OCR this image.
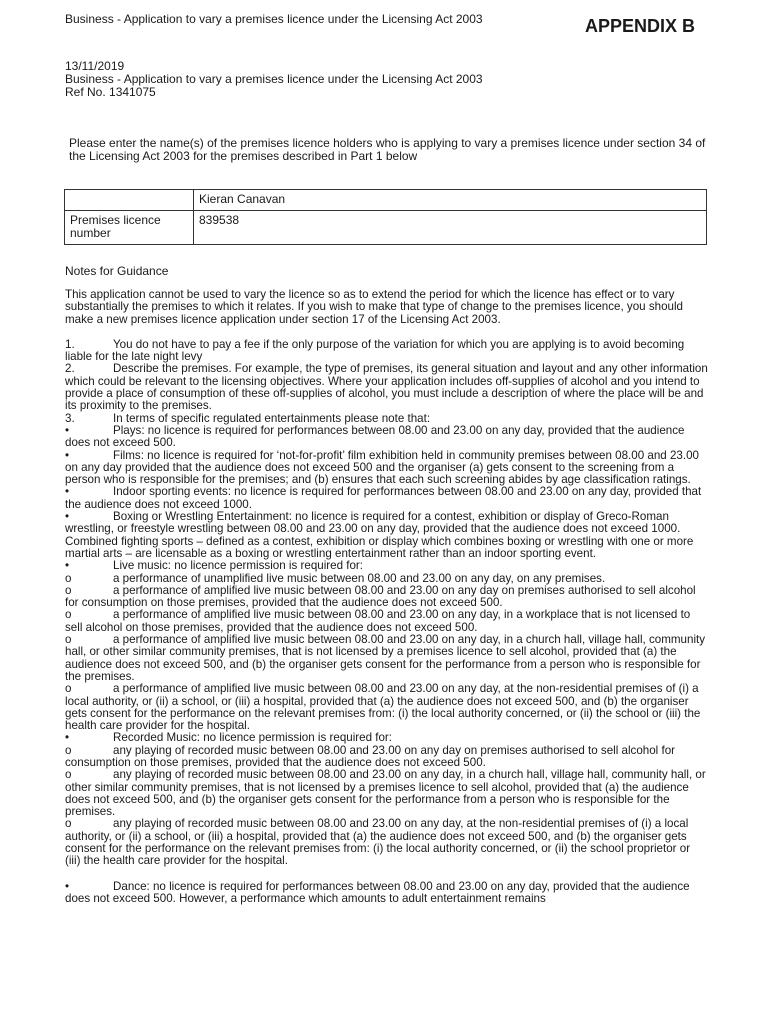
Business - Application to vary a premises licence under the Licensing Act 2003	APPENDIX B
13/11/2019
Business - Application to vary a premises licence under the Licensing Act 2003
Ref No. 1341075
Please enter the name(s) of the premises licence holders who is applying to vary a premises licence under section 34 of the Licensing Act 2003 for the premises described in Part 1 below
	Kieran Canavan
Premises licence number	839538
Notes for Guidance

This application cannot be used to vary the licence so as to extend the period for which the licence has effect or to vary substantially the premises to which it relates. If you wish to make that type of change to the premises licence, you should make a new premises licence application under section 17 of the Licensing Act 2003.

1.	You do not have to pay a fee if the only purpose of the variation for which you are applying is to avoid becoming liable for the late night levy

2.	Describe the premises. For example, the type of premises, its general situation and layout and any other information which could be relevant to the licensing objectives. Where your application includes off-supplies of alcohol and you intend to provide a place of consumption of these off-supplies of alcohol, you must include a description of where the place will be and its proximity to the premises.

3.	In terms of specific regulated entertainments please note that:

•	Plays: no licence is required for performances between 08.00 and 23.00 on any day, provided that the audience does not exceed 500.

•	Films: no licence is required for ‘not-for-profit’ film exhibition held in community premises between 08.00 and 23.00 on any day provided that the audience does not exceed 500 and the organiser (a) gets consent to the screening from a person who is responsible for the premises; and (b) ensures that each such screening abides by age classification ratings.

•	Indoor sporting events: no licence is required for performances between 08.00 and 23.00 on any day, provided that the audience does not exceed 1000.

•	Boxing or Wrestling Entertainment: no licence is required for a contest, exhibition or display of Greco-Roman wrestling, or freestyle wrestling between 08.00 and 23.00 on any day, provided that the audience does not exceed 1000. Combined fighting sports – defined as a contest, exhibition or display which combines boxing or wrestling with one or more martial arts – are licensable as a boxing or wrestling entertainment rather than an indoor sporting event.

•	Live music: no licence permission is required for:

o	a performance of unamplified live music between 08.00 and 23.00 on any day, on any premises.

o	a performance of amplified live music between 08.00 and 23.00 on any day on premises authorised to sell alcohol for consumption on those premises, provided that the audience does not exceed 500.

o	a performance of amplified live music between 08.00 and 23.00 on any day, in a workplace that is not licensed to sell alcohol on those premises, provided that the audience does not exceed 500.

o	a performance of amplified live music between 08.00 and 23.00 on any day, in a church hall, village hall, community hall, or other similar community premises, that is not licensed by a premises licence to sell alcohol, provided that (a) the audience does not exceed 500, and (b) the organiser gets consent for the performance from a person who is responsible for the premises.

o	a performance of amplified live music between 08.00 and 23.00 on any day, at the non-residential premises of (i) a local authority, or (ii) a school, or (iii) a hospital, provided that (a) the audience does not exceed 500, and (b) the organiser gets consent for the performance on the relevant premises from: (i) the local authority concerned, or (ii) the school or (iii) the health care provider for the hospital.

•	Recorded Music: no licence permission is required for:

o	any playing of recorded music between 08.00 and 23.00 on any day on premises authorised to sell alcohol for consumption on those premises, provided that the audience does not exceed 500.

o	any playing of recorded music between 08.00 and 23.00 on any day, in a church hall, village hall, community hall, or other similar community premises, that is not licensed by a premises licence to sell alcohol, provided that (a) the audience does not exceed 500, and (b) the organiser gets consent for the performance from a person who is responsible for the premises.

o	any playing of recorded music between 08.00 and 23.00 on any day, at the non-residential premises of (i) a local authority, or (ii) a school, or (iii) a hospital, provided that (a) the audience does not exceed 500, and (b) the organiser gets consent for the performance on the relevant premises from: (i) the local authority concerned, or (ii) the school proprietor or (iii) the health care provider for the hospital.

•	Dance: no licence is required for performances between 08.00 and 23.00 on any day, provided that the audience does not exceed 500. However, a performance which amounts to adult entertainment remains
